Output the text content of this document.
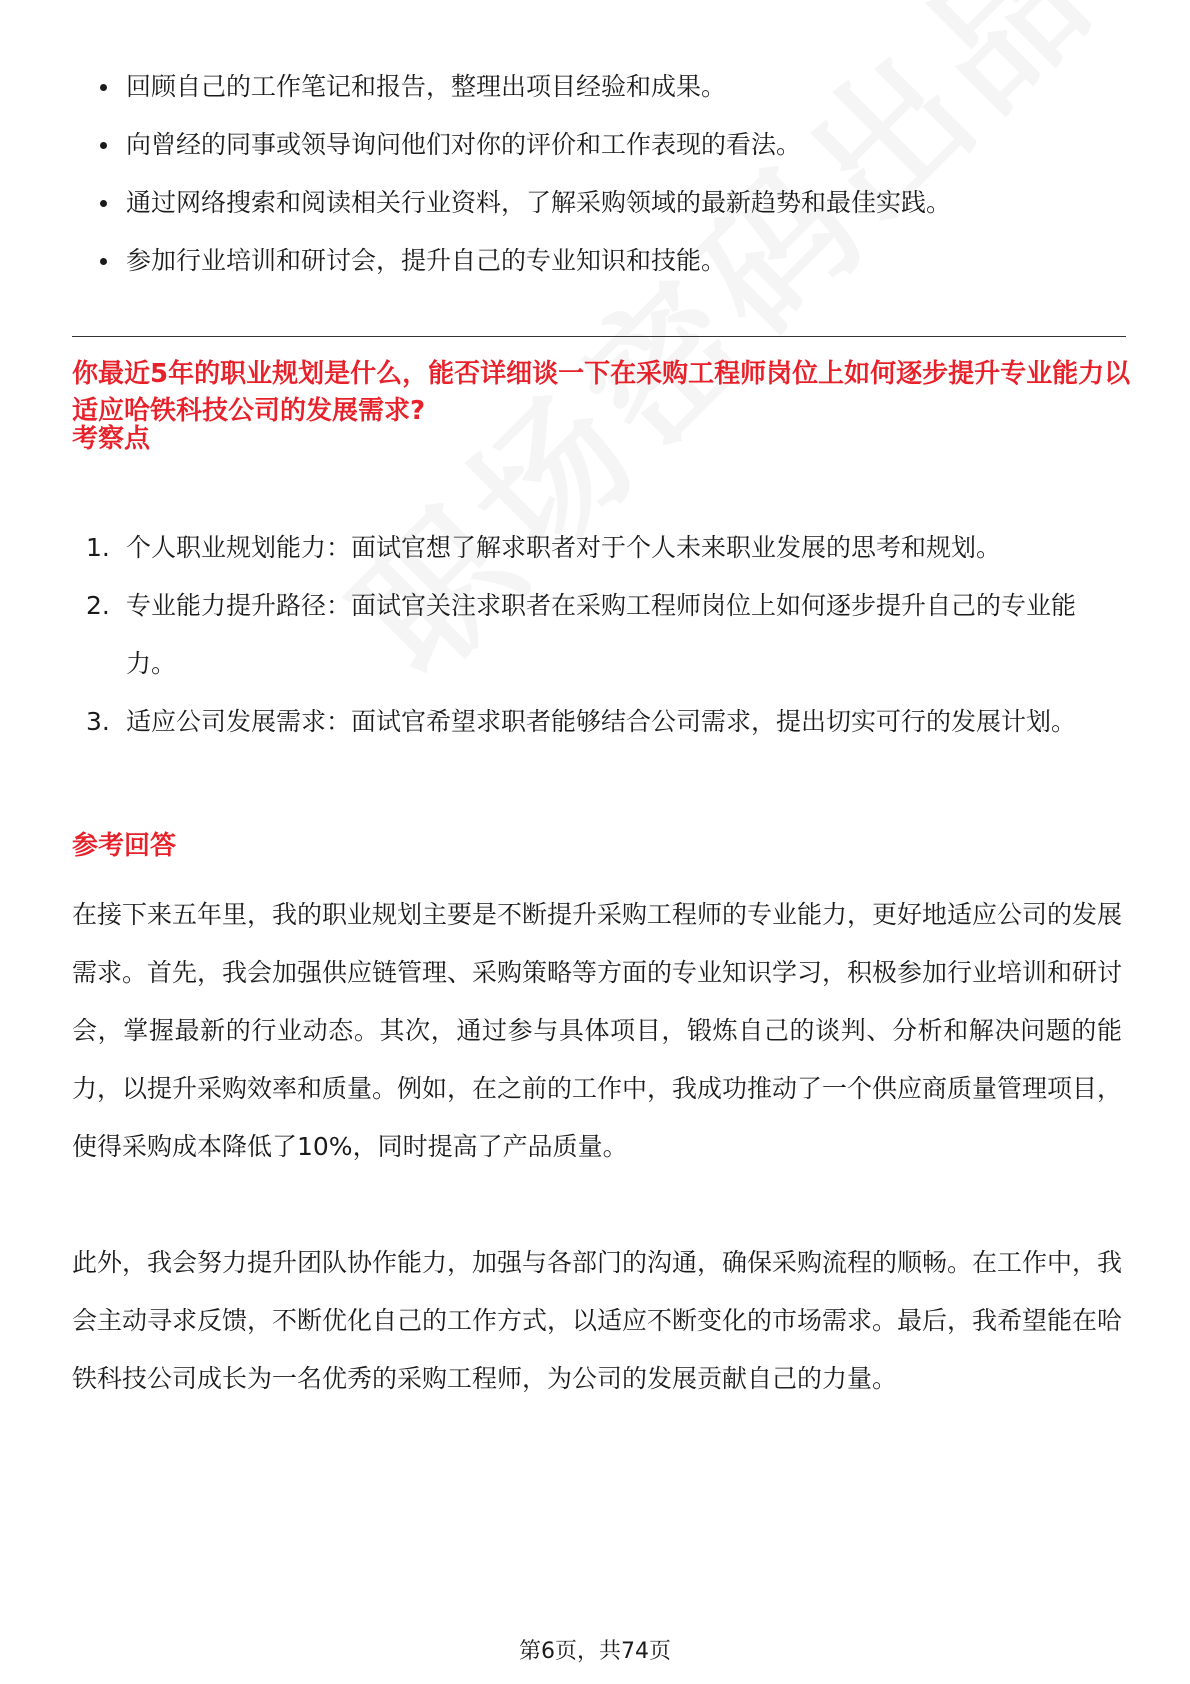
回顾自己的工作笔记和报告，整理出项目经验和成果。
向曾经的同事或领导询问他们对你的评价和工作表现的看法。
通过网络搜索和阅读相关行业资料，了解采购领域的最新趋势和最佳实践。
参加行业培训和研讨会，提升自己的专业知识和技能。
你最近5年的职业规划是什么，能否详细谈一下在采购工程师岗位上如何逐步提升专业能力以适应哈铁科技公司的发展需求?
考察点
1. 个人职业规划能力：面试官想了解求职者对于个人未来职业发展的思考和规划。
2. 专业能力提升路径：面试官关注求职者在采购工程师岗位上如何逐步提升自己的专业能力。
3. 适应公司发展需求：面试官希望求职者能够结合公司需求，提出切实可行的发展计划。
参考回答

在接下来五年里，我的职业规划主要是不断提升采购工程师的专业能力，更好地适应公司的发展需求。首先，我会加强供应链管理、采购策略等方面的专业知识学习，积极参加行业培训和研讨会，掌握最新的行业动态。其次，通过参与具体项目，锻炼自己的谈判、分析和解决问题的能力，以提升采购效率和质量。例如，在之前的工作中，我成功推动了一个供应商质量管理项目，使得采购成本降低了10%，同时提高了产品质量。

此外，我会努力提升团队协作能力，加强与各部门的沟通，确保采购流程的顺畅。在工作中，我会主动寻求反馈，不断优化自己的工作方式，以适应不断变化的市场需求。最后，我希望能在哈铁科技公司成长为一名优秀的采购工程师，为公司的发展贡献自己的力量。

第6页，共74页
